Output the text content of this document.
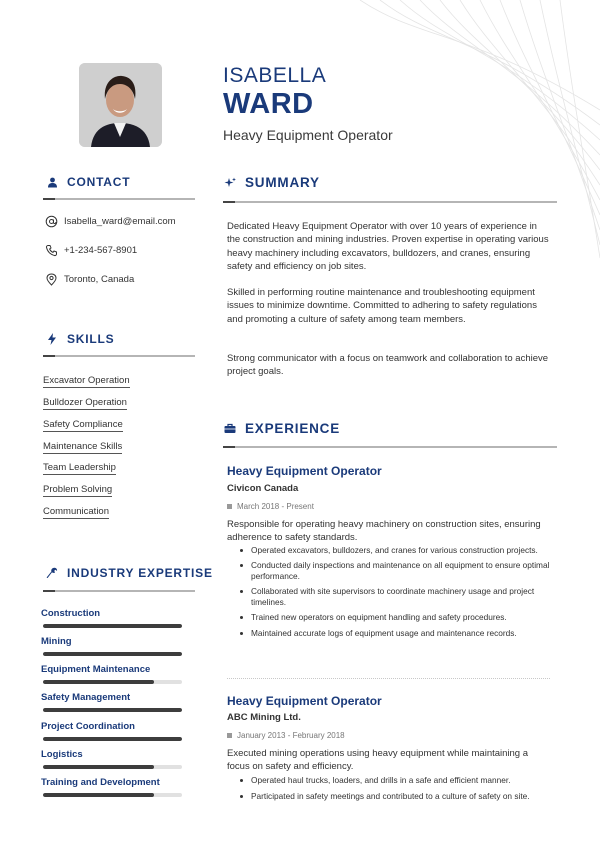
ISABELLA
WARD
Heavy Equipment Operator
CONTACT
Isabella_ward@email.com
+1-234-567-8901
Toronto, Canada
SKILLS
Excavator Operation
Bulldozer Operation
Safety Compliance
Maintenance Skills
Team Leadership
Problem Solving
Communication
INDUSTRY EXPERTISE
Construction
Mining
Equipment Maintenance
Safety Management
Project Coordination
Logistics
Training and Development
SUMMARY
Dedicated Heavy Equipment Operator with over 10 years of experience in the construction and mining industries. Proven expertise in operating various heavy machinery including excavators, bulldozers, and cranes, ensuring safety and efficiency on job sites.
Skilled in performing routine maintenance and troubleshooting equipment issues to minimize downtime. Committed to adhering to safety regulations and promoting a culture of safety among team members.
Strong communicator with a focus on teamwork and collaboration to achieve project goals.
EXPERIENCE
Heavy Equipment Operator
Civicon Canada
March 2018 - Present
Responsible for operating heavy machinery on construction sites, ensuring adherence to safety standards.
Operated excavators, bulldozers, and cranes for various construction projects.
Conducted daily inspections and maintenance on all equipment to ensure optimal performance.
Collaborated with site supervisors to coordinate machinery usage and project timelines.
Trained new operators on equipment handling and safety procedures.
Maintained accurate logs of equipment usage and maintenance records.
Heavy Equipment Operator
ABC Mining Ltd.
January 2013 - February 2018
Executed mining operations using heavy equipment while maintaining a focus on safety and efficiency.
Operated haul trucks, loaders, and drills in a safe and efficient manner.
Participated in safety meetings and contributed to a culture of safety on site.
